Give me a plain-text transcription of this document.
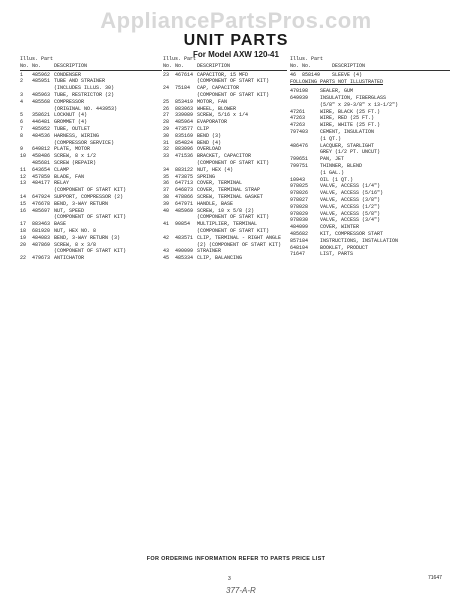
AppliancePartsPros.com
UNIT PARTS
For Model AXW 120-41
Illus. Part
No. No.	DESCRIPTION
1	485962 CONDENSER
2	485951 TUBE AND STRAINER
(INCLUDES ILLUS. 30)
3	485963 TUBE, RESTRICTOR (2)
4	485568 COMPRESSOR
(ORIGINAL NO. 443953)
5	358621 LOCKNUT (4)
6	446481 GROMMET (4)
7	485952 TUBE, OUTLET
8	484536 HARNESS, WIRING
(COMPRESSOR SERVICE)
9	649812 PLATE, MOTOR
10	458486 SCREW, 8 x 1/2
485681 SCREW (REPAIR)
11	643654 CLAMP
12	457859 BLADE, FAN
13	484177 RELAY
(COMPONENT OF START KIT)
14	647924 SUPPORT, COMPRESSOR (2)
15	476678 BEND, 3-WAY RETURN
16	485697 NUT, SPEED
(COMPONENT OF START KIT)
17	883463 BASE
18	681920 NUT, HEX NO. 8
19	484083 BEND, 3-WAY RETURN (3)
20	487869 SCREW, 8 x 3/8
(COMPONENT OF START KIT)
22	479673 ANTICHATOR
Illus. Part
No. No.	DESCRIPTION
23	467614 CAPACITOR, 15 MFD
(COMPONENT OF START KIT)
24	75184	CAP, CAPACITOR
(COMPONENT OF START KIT)
25	853419 MOTOR, FAN
26	883063 WHEEL, BLOWER
27	339089 SCREW, 5/16 x 1/4
28	485964 EVAPORATOR
29	473577 CLIP
30	835169 BEND (3)
31	854824 BEND (4)
32	883096 OVERLOAD
33	471536 BRACKET, CAPACITOR
(COMPONENT OF START KIT)
34	883122 NUT, HEX (4)
35	473875 SPRING
36	647713 COVER, TERMINAL
37	646873 COVER, TERMINAL STRAP
38	478866 SCREW, TERMINAL GASKET
39	647971 HANDLE, BASE
40	485969 SCREW, 10 x 5/8 (2)
(COMPONENT OF START KIT)
41	90854	MULTIPLIER, TERMINAL
(COMPONENT OF START KIT)
42	483571 CLIP, TERMINAL - RIGHT ANGLE
(2) (COMPONENT OF START KIT)
43	490099 STRAINER
45	485334 CLIP, BALANCING
Illus. Part
No. No.	DESCRIPTION
46	858149	SLEEVE (4)
FOLLOWING PARTS NOT ILLUSTRATED
470198	SEALER, GUM
649939	INSULATION, FIBERGLASS
(5/8" x 29-3/8" x 13-1/2")
47261	WIRE, BLACK (25 FT.)
47263	WIRE, RED (25 FT.)
47263	WIRE, WHITE (25 FT.)
797403	CEMENT, INSULATION
(1 QT.)
486476	LACQUER, STARLIGHT
GREY (1/2 PT. UNCUT)
799651	PAN, JET
799751	THINNER, BLEND
(1 GAL.)
10943	OIL (1 QT.)
978025	VALVE, ACCESS (1/4")
978026	VALVE, ACCESS (5/16")
978027	VALVE, ACCESS (3/8")
978028	VALVE, ACCESS (1/2")
978029	VALVE, ACCESS (5/8")
978030	VALVE, ACCESS (3/4")
484099	COVER, WINTER
485682	KIT, COMPRESSOR START
857184	INSTRUCTIONS, INSTALLATION
648104	BOOKLET, PRODUCT
71647	LIST, PARTS
FOR ORDERING INFORMATION REFER TO PARTS PRICE LIST
3	71647
377-A-R
